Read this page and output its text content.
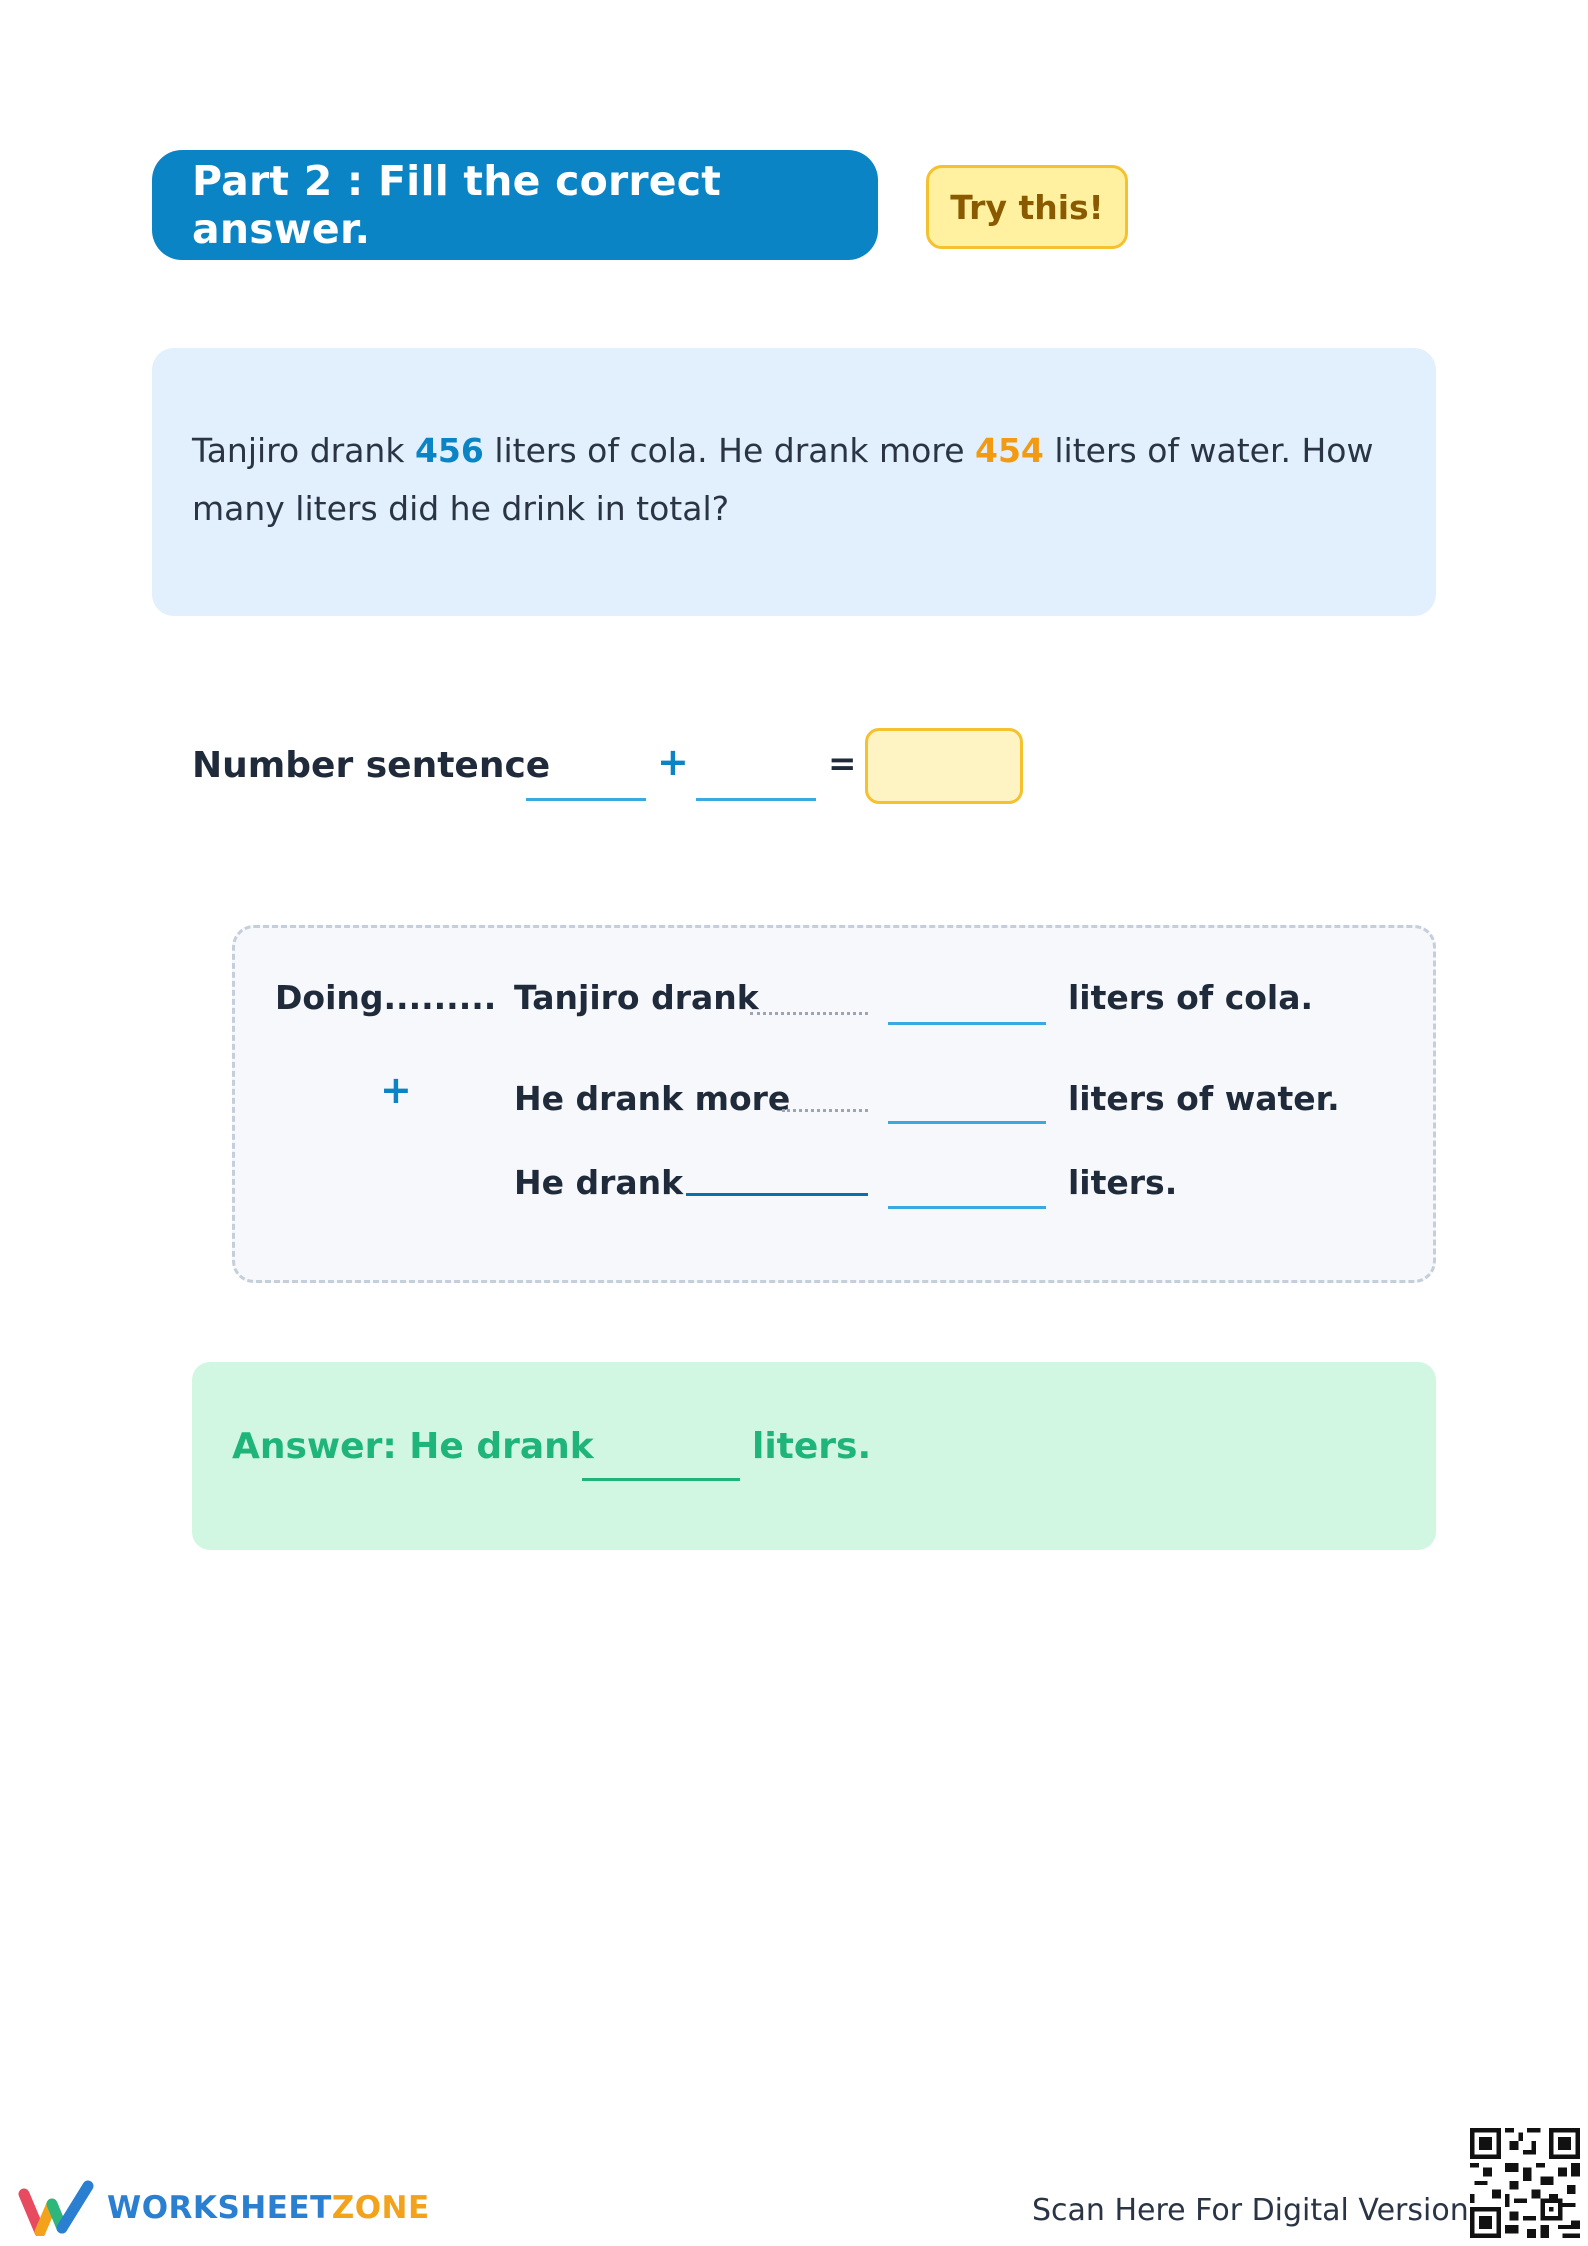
Part 2 : Fill the correct answer.	Try this!
Tanjiro drank 456 liters of cola. He drank more 454 liters of water. How many liters did he drink in total?
Number sentence	+	=
Doing......... Tanjiro drank	liters of cola.
+	He drank more	liters of water.
He drank	liters.
Answer: He drank	liters.
WORKSHEETZONE	Scan Here For Digital Version
